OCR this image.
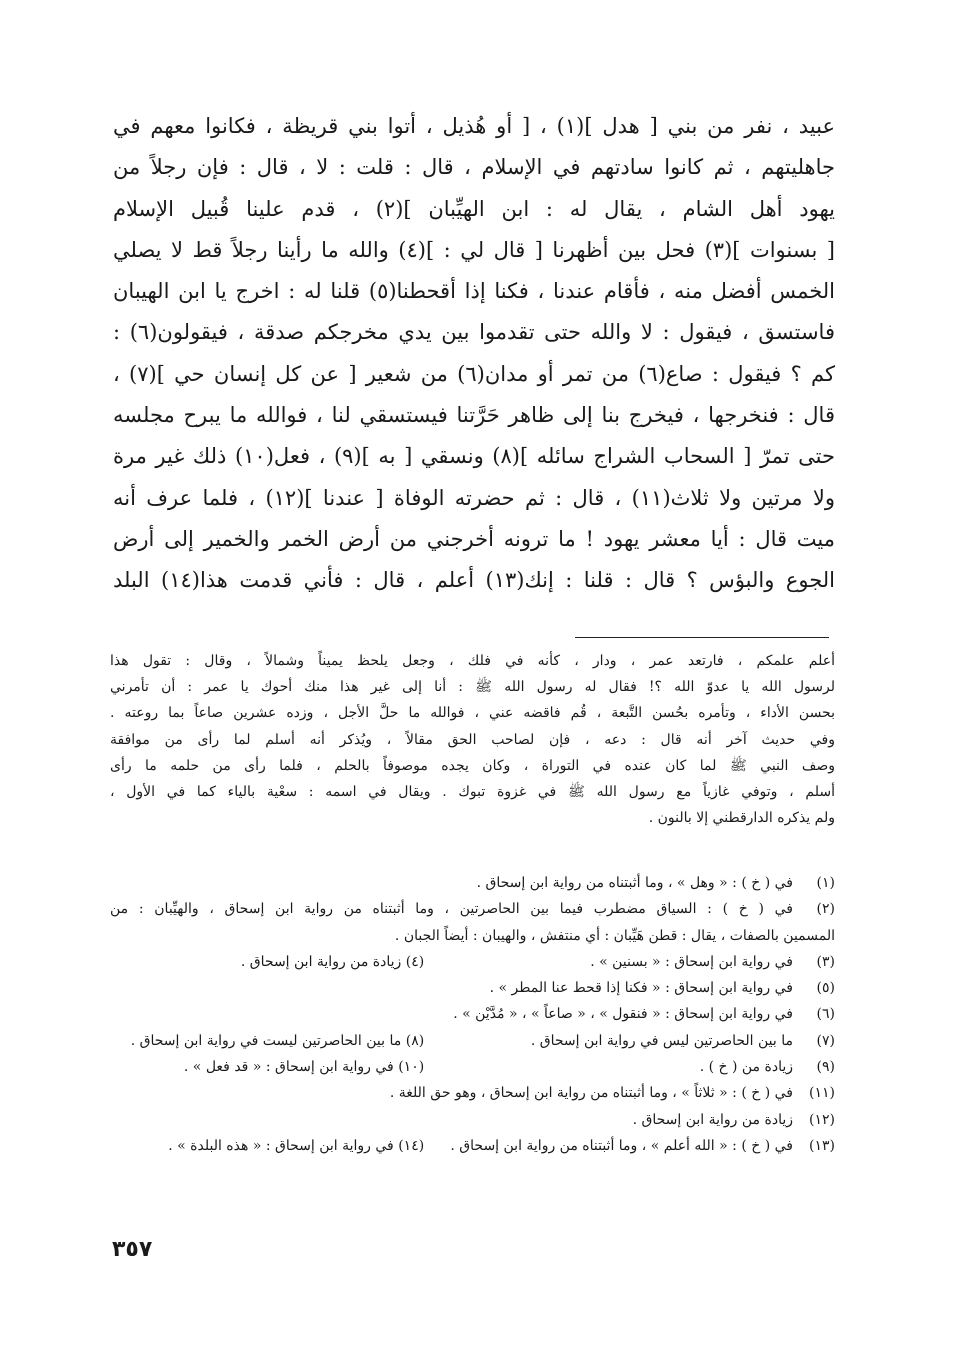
عبيد ، نفر من بني [ هدل ](١) ، [ أو هُذيل ، أتوا بني قريظة ، فكانوا معهم في
جاهليتهم ، ثم كانوا سادتهم في الإسلام ، قال : قلت : لا ، قال : فإن رجلاً من
يهود أهل الشام ، يقال له : ابن الهيِّبان ](٢) ، قدم علينا قُبيل الإسلام
[ بسنوات ](٣) فحل بين أظهرنا [ قال لي : ](٤) والله ما رأينا رجلاً قط لا يصلي
الخمس أفضل منه ، فأقام عندنا ، فكنا إذا أقحطنا(٥) قلنا له : اخرج يا ابن الهيبان
فاستسق ، فيقول : لا والله حتى تقدموا بين يدي مخرجكم صدقة ، فيقولون(٦) :
كم ؟ فيقول : صاع(٦) من تمر أو مدان(٦) من شعير [ عن كل إنسان حي ](٧) ،
قال : فنخرجها ، فيخرج بنا إلى ظاهر حَرَّتنا فيستسقي لنا ، فوالله ما يبرح مجلسه
حتى تمرّ [ السحاب الشراج سائله ](٨) ونسقي [ به ](٩) ، فعل(١٠) ذلك غير مرة
ولا مرتين ولا ثلاث(١١) ، قال : ثم حضرته الوفاة [ عندنا ](١٢) ، فلما عرف أنه
ميت قال : أيا معشر يهود ! ما ترونه أخرجني من أرض الخمر والخمير إلى أرض
الجوع والبؤس ؟ قال : قلنا : إنك(١٣) أعلم ، قال : فأني قدمت هذا(١٤) البلد
أعلم علمكم ، فارتعد عمر ، ودار ، كأنه في فلك ، وجعل يلحظ يميناً وشمالاً ، وقال : تقول هذا
لرسول الله يا عدوّ الله ؟! فقال له رسول الله ﷺ : أنا إلى غير هذا منك أحوك يا عمر : أن تأمرني
بحسن الأداء ، وتأمره بحُسن التَّبعة ، قُم فاقضه عني ، فوالله ما حلَّ الأجل ، وزده عشرين صاعاً بما روعته .
وفي حديث آخر أنه قال : دعه ، فإن لصاحب الحق مقالاً ، ويُذكر أنه أسلم لما رأى من موافقة
وصف النبي ﷺ لما كان عنده في التوراة ، وكان يجده موصوفاً بالحلم ، فلما رأى من حلمه ما رأى
أسلم ، وتوفي غازياً مع رسول الله ﷺ في غزوة تبوك . ويقال في اسمه : سعْية بالياء كما في الأول ،
ولم يذكره الدارقطني إلا بالنون .
(١)
في ( خ ) : « وهل » ، وما أثبتناه من رواية ابن إسحاق .
(٢)
في ( خ ) : السياق مضطرب فيما بين الحاصرتين ، وما أثبتناه من رواية ابن إسحاق ، والهيِّبان : من
المسمين بالصفات ، يقال : قطن هَيِّبان : أي منتفش ، والهيبان : أيضاً الجبان .
(٣)
في رواية ابن إسحاق : « بسنين » .
(٤) زيادة من رواية ابن إسحاق .
(٥)
في رواية ابن إسحاق : « فكنا إذا قحط عنا المطر » .
(٦)
في رواية ابن إسحاق : « فنقول » ، « صاعاً » ، « مُدَّيْن » .
(٧)
ما بين الحاصرتين ليس في رواية ابن إسحاق .
(٨) ما بين الحاصرتين ليست في رواية ابن إسحاق .
(٩)
زيادة من ( خ ) .
(١٠) في رواية ابن إسحاق : « قد فعل » .
(١١)
في ( خ ) : « ثلاثاً » ، وما أثبتناه من رواية ابن إسحاق ، وهو حق اللغة .
(١٢)
زيادة من رواية ابن إسحاق .
(١٣)
في ( خ ) : « الله أعلم » ، وما أثبتناه من رواية ابن إسحاق .
(١٤) في رواية ابن إسحاق : « هذه البلدة » .
٣٥٧
